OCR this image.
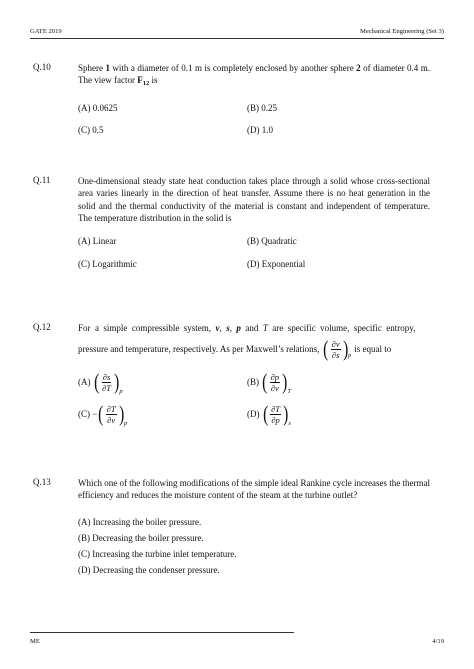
GATE 2019	Mechanical Engineering (Set 3)
Q.10	Sphere 1 with a diameter of 0.1 m is completely enclosed by another sphere 2 of diameter 0.4 m. The view factor $F_{12}$ is
(A) 0.0625	(B) 0.25
(C) 0.5	(D) 1.0
Q.11	One-dimensional steady state heat conduction takes place through a solid whose cross-sectional area varies linearly in the direction of heat transfer. Assume there is no heat generation in the solid and the thermal conductivity of the material is constant and independent of temperature. The temperature distribution in the solid is
(A) Linear	(B) Quadratic
(C) Logarithmic	(D) Exponential
Q.12	For a simple compressible system, v, s, p and T are specific volume, specific entropy,
pressure and temperature, respectively. As per Maxwell’s relations, ( $\frac{\partial v}{\partial s}$ ) p
is equal to
(A)
( $\frac{\partial s}{\partial T}$ ) p
(B)
( $\frac{\partial p}{\partial v}$ ) T
(C)
− ( $\frac{\partial T}{\partial v}$ ) p
(D)
( $\frac{\partial T}{\partial p}$ ) s
Q.13	Which one of the following modifications of the simple ideal Rankine cycle increases the thermal efficiency and reduces the moisture content of the steam at the turbine outlet?
(A) Increasing the boiler pressure.
(B) Decreasing the boiler pressure.
(C) Increasing the turbine inlet temperature.
(D) Decreasing the condenser pressure.
ME	4/19
